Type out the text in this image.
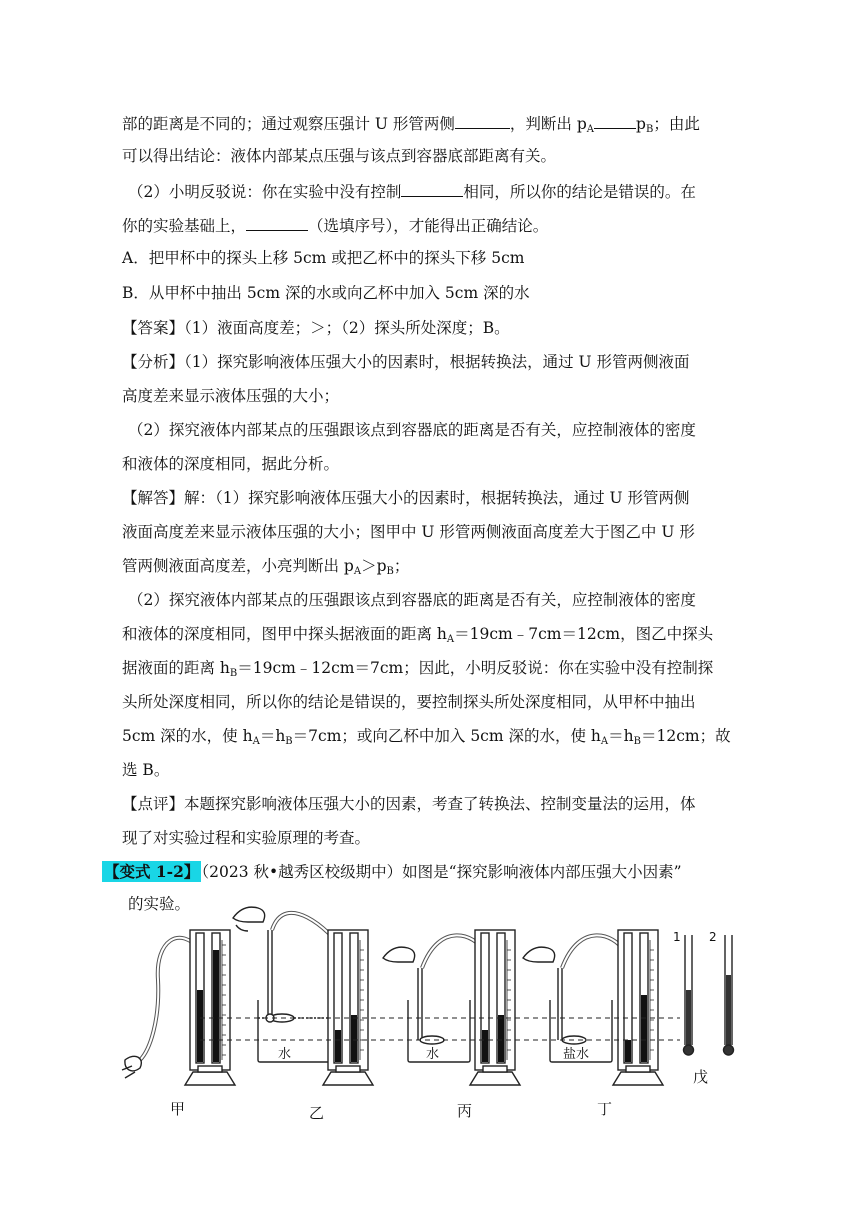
部的距离是不同的；通过观察压强计 U 形管两侧	，判断出 $p_A$	$p_B$；由此
可以得出结论：液体内部某点压强与该点到容器底部距离有关。
（2）小明反驳说：你在实验中没有控制	相同，所以你的结论是错误的。在
你的实验基础上，	（选填序号），才能得出正确结论。
A．把甲杯中的探头上移 5cm 或把乙杯中的探头下移 5cm
B．从甲杯中抽出 5cm 深的水或向乙杯中加入 5cm 深的水
【答案】（1）液面高度差；＞；（2）探头所处深度；B。
【分析】（1）探究影响液体压强大小的因素时，根据转换法，通过 U 形管两侧液面
高度差来显示液体压强的大小；
（2）探究液体内部某点的压强跟该点到容器底的距离是否有关，应控制液体的密度
和液体的深度相同，据此分析。
【解答】解：（1）探究影响液体压强大小的因素时，根据转换法，通过 U 形管两侧
液面高度差来显示液体压强的大小；图甲中 U 形管两侧液面高度差大于图乙中 U 形
管两侧液面高度差，小亮判断出 $p_A>p_B$；
（2）探究液体内部某点的压强跟该点到容器底的距离是否有关，应控制液体的密度
和液体的深度相同，图甲中探头据液面的距离 $h_A=19cm﹣7cm=12cm$，图乙中探头
据液面的距离 $h_B=19cm﹣12cm=7cm$；因此，小明反驳说：你在实验中没有控制探
头所处深度相同，所以你的结论是错误的，要控制探头所处深度相同，从甲杯中抽出
5cm 深的水，使 $h_A=h_B=7cm$；或向乙杯中加入 5cm 深的水，使 $h_A=h_B=12cm$；故
选 B。
【点评】本题探究影响液体压强大小的因素，考查了转换法、控制变量法的运用，体
现了对实验过程和实验原理的考查。
【变式 1-2】 （2023 秋•越秀区校级期中）如图是“探究影响液体内部压强大小因素”
的实验。
水	水	盐水
1 2
甲	乙	丙	丁
戊
